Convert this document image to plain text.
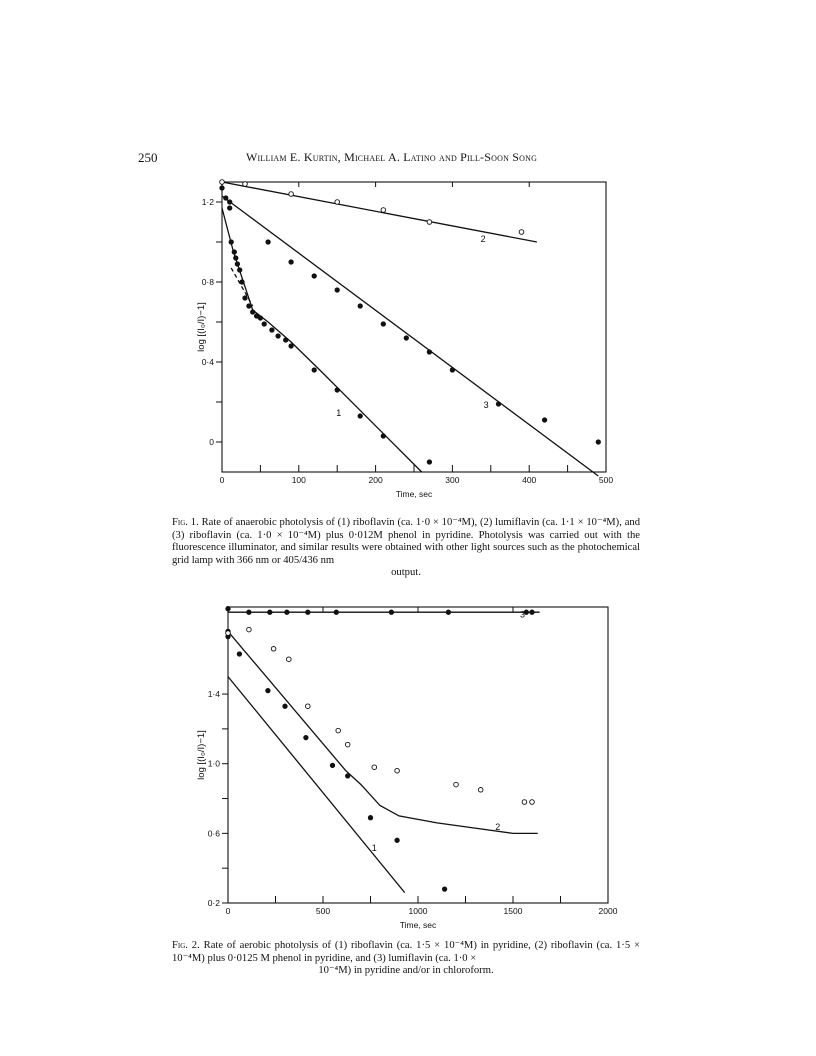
250	William E. Kurtin, Michael A. Latino and Pill-Soon Song
0	100	200	300	400	500
0
0·4
0·8
1·2
Time, sec
log [(I₀/I)−1]
1
2
3
Fig. 1. Rate of anaerobic photolysis of (1) riboflavin (ca. 1·0 × 10⁻⁴M), (2) lumiflavin (ca. 1·1 × 10⁻⁴M), and (3) riboflavin (ca. 1·0 × 10⁻⁴M) plus 0·012M phenol in pyridine. Photolysis was carried out with the fluorescence illuminator, and similar results were obtained with other light sources such as the photochemical grid lamp with 366 nm or 405/436 nm
output.
0	500	1000	1500	2000
0·2
0·6
1·0
1·4
Time, sec
log [(I₀/I)−1]
1
2
3
Fig. 2. Rate of aerobic photolysis of (1) riboflavin (ca. 1·5 × 10⁻⁴M) in pyridine, (2) riboflavin (ca. 1·5 × 10⁻⁴M) plus 0·0125 M phenol in pyridine, and (3) lumiflavin (ca. 1·0 ×
10⁻⁴M) in pyridine and/or in chloroform.
